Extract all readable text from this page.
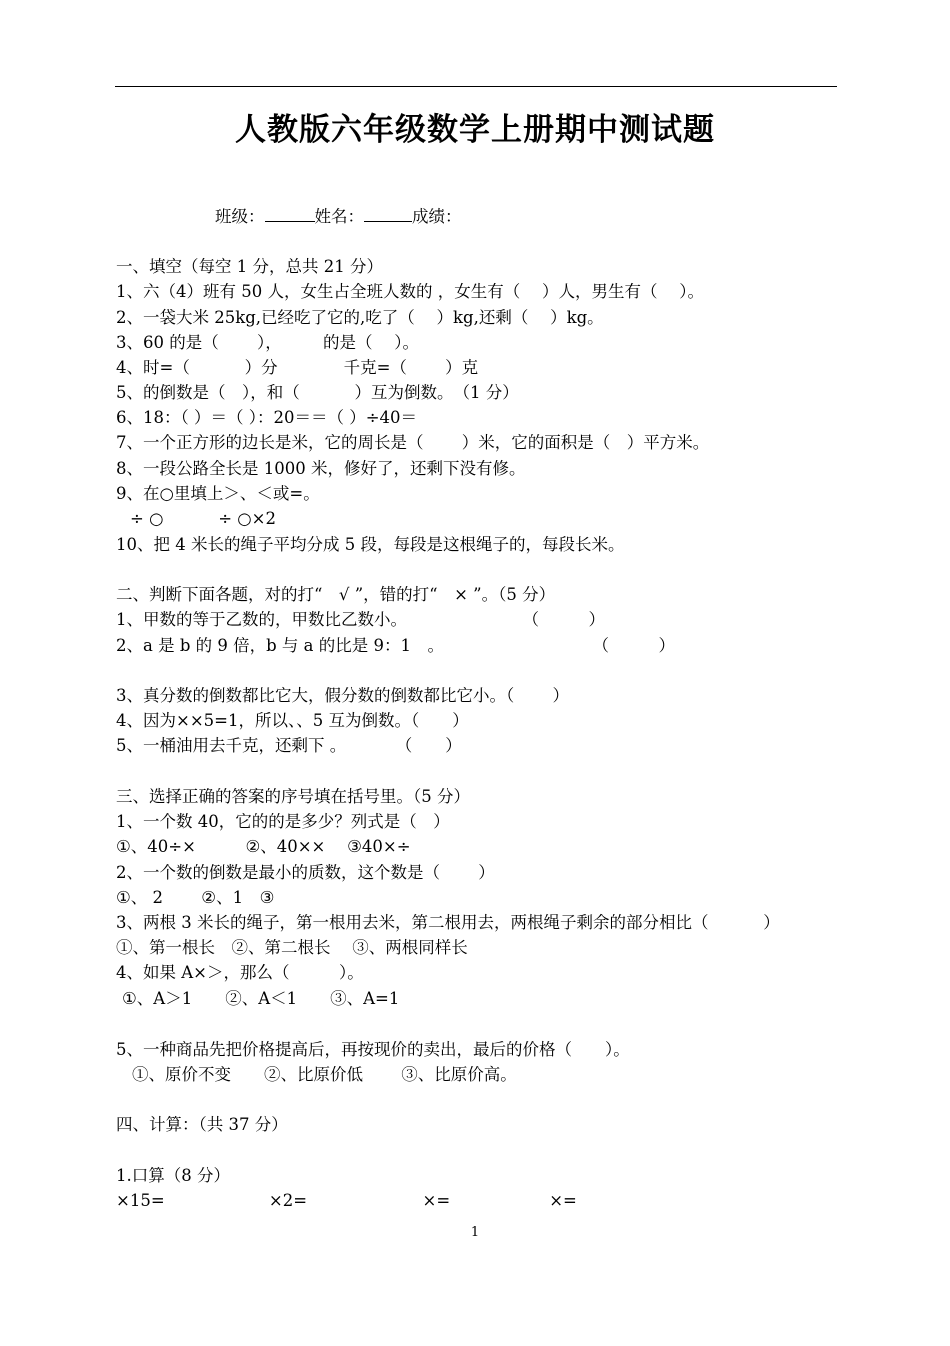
人教版六年级数学上册期中测试题
班级：	姓名：	成绩：
一、填空（每空 1 分，总共 21 分）
1、六（4）班有 50 人，女生占全班人数的 ，女生有（　 ）人，男生有（　 ）。
2、一袋大米 25kg,已经吃了它的,吃了（　 ）kg,还剩（　 ）kg。
3、60 的是（　　 ），　　　的是（　 ）。
4、时=（　　　 ）分　　　　千克=（　　 ）克
5、的倒数是（　），和（　　　 ）互为倒数。　（1 分）
6、18：（ ）＝（ ）：20＝＝（ ）÷40＝
7、一个正方形的边长是米，它的周长是（　　 ）米，它的面积是（　）平方米。
8、一段公路全长是 1000 米，修好了，还剩下没有修。
9、在○里填上＞、＜或=。
÷ ○　　　 ÷ ○×2
10、把 4 米长的绳子平均分成 5 段，每段是这根绳子的，每段长米。
二、判断下面各题，对的打“　√ ”，错的打“　× ”。（5 分）
1、甲数的等于乙数的，甲数比乙数小。　　　　　　　　（　　　）
2、a 是 b 的 9 倍，b 与 a 的比是 9：1　。　　　　　　　　　　（　　　）
3、真分数的倒数都比它大，假分数的倒数都比它小。（　　 ）
4、因为××5=1，所以、、5 互为倒数。（　　）
5、一桶油用去千克，还剩下 。　　　　（　　）
三、选择正确的答案的序号填在括号里。（5 分）
1、一个数 40，它的的是多少？列式是（　）
①、40÷×　　　②、40××　 ③40×÷
2、一个数的倒数是最小的质数，这个数是（　　 ）
①、 2　　 ②、1　③
3、两根 3 米长的绳子，第一根用去米，第二根用去，两根绳子剩余的部分相比（　　　 ）
①、第一根长　②、第二根长　 ③、两根同样长
4、如果 A×＞，那么（　　　）。
①、A＞1　　②、A＜1　　③、A=1
5、一种商品先把价格提高后，再按现价的卖出，最后的价格（　　）。
①、原价不变　　②、比原价低　　 ③、比原价高。
四、计算：（共 37 分）
1.口算（8 分）
×15=　　　　　　 ×2=　　　　　　　×=　　　　　　×=
1
